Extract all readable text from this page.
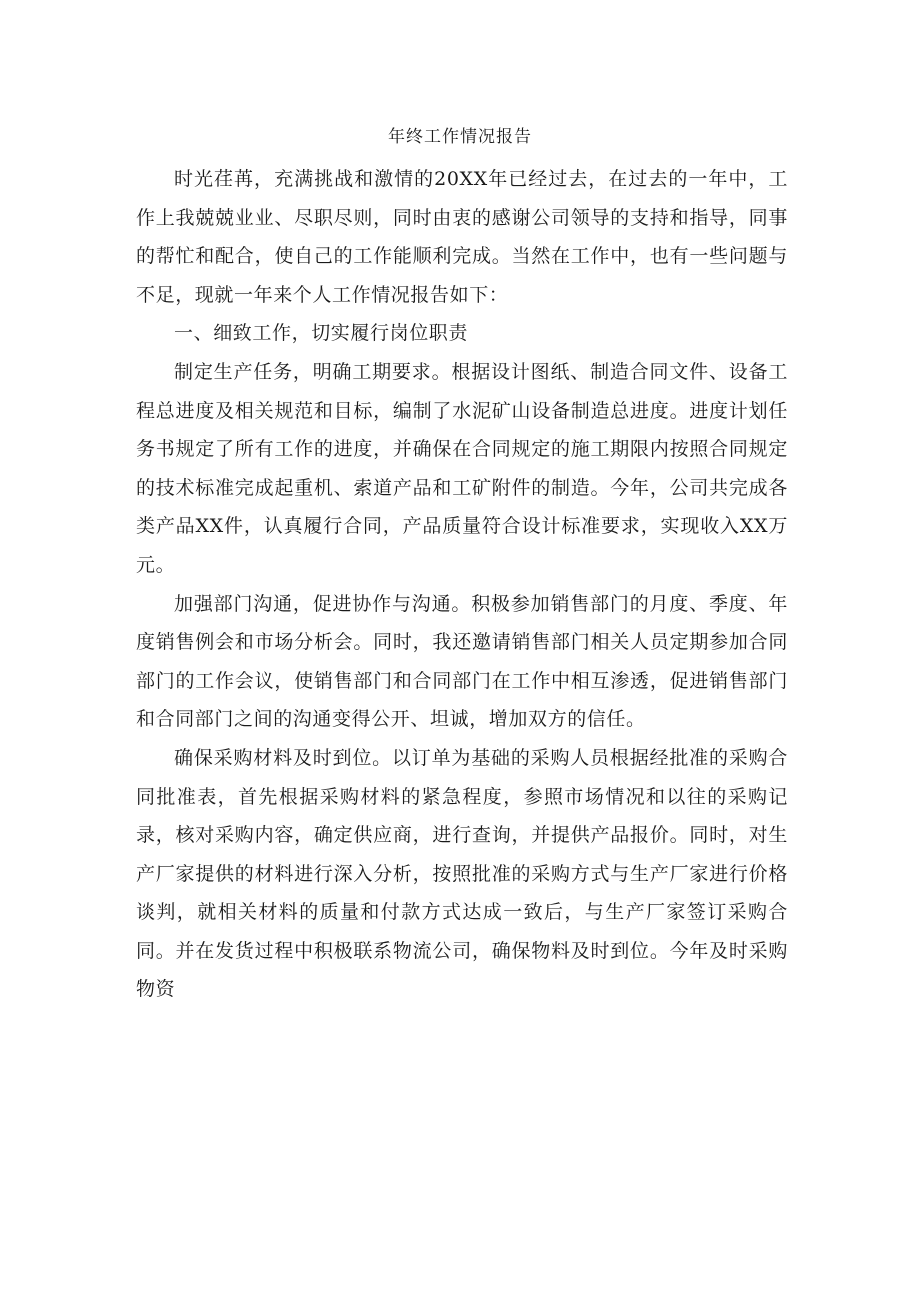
年终工作情况报告

时光荏苒，充满挑战和激情的20XX年已经过去，在过去的一年中，工作上我兢兢业业、尽职尽则，同时由衷的感谢公司领导的支持和指导，同事的帮忙和配合，使自己的工作能顺利完成。当然在工作中，也有一些问题与不足，现就一年来个人工作情况报告如下：

一、细致工作，切实履行岗位职责

制定生产任务，明确工期要求。根据设计图纸、制造合同文件、设备工程总进度及相关规范和目标，编制了水泥矿山设备制造总进度。进度计划任务书规定了所有工作的进度，并确保在合同规定的施工期限内按照合同规定的技术标准完成起重机、索道产品和工矿附件的制造。今年，公司共完成各类产品XX件，认真履行合同，产品质量符合设计标准要求，实现收入XX万元。

加强部门沟通，促进协作与沟通。积极参加销售部门的月度、季度、年度销售例会和市场分析会。同时，我还邀请销售部门相关人员定期参加合同部门的工作会议，使销售部门和合同部门在工作中相互渗透，促进销售部门和合同部门之间的沟通变得公开、坦诚，增加双方的信任。

确保采购材料及时到位。以订单为基础的采购人员根据经批准的采购合同批准表，首先根据采购材料的紧急程度，参照市场情况和以往的采购记录，核对采购内容，确定供应商，进行查询，并提供产品报价。同时，对生产厂家提供的材料进行深入分析，按照批准的采购方式与生产厂家进行价格谈判，就相关材料的质量和付款方式达成一致后，与生产厂家签订采购合同。并在发货过程中积极联系物流公司，确保物料及时到位。今年及时采购物资
